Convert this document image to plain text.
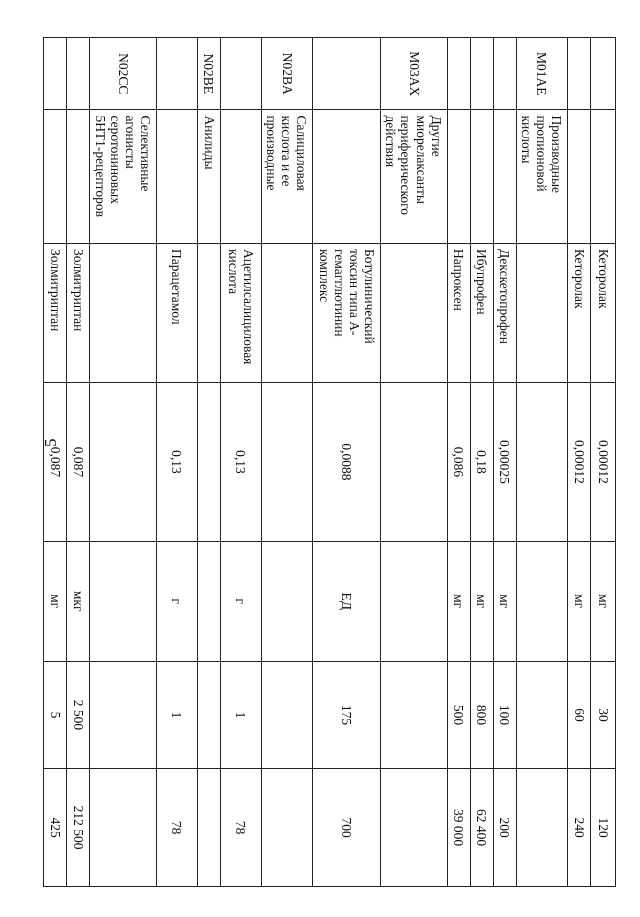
5
		Кеторолак	0,00012	мг	30	120
		Кеторолак	0,00012	мг	60	240
M01AE	Производные пропионовой кислоты					
		Декскетопрофен	0,00025	мг	100	200
		Ибупрофен	0,18	мг	800	62 400
		Напроксен	0,086	мг	500	39 000
M03AX	Другие миорелаксанты периферического действия					
		Ботулинический токсин типа А-гемагглютинин комплекс	0,0088	ЕД	175	700
N02BA	Салициловая кислота и ее производные					
		Ацетилсалициловая кислота	0,13	г	1	78
N02BE	Анилиды					
		Парацетамол	0,13	г	1	78
N02CC	Селективные агонисты серотониновых 5HT1-рецепторов					
		Золмитриптан	0,087	мкг	2 500	212 500
		Золмитриптан	0,087	мг	5	425
